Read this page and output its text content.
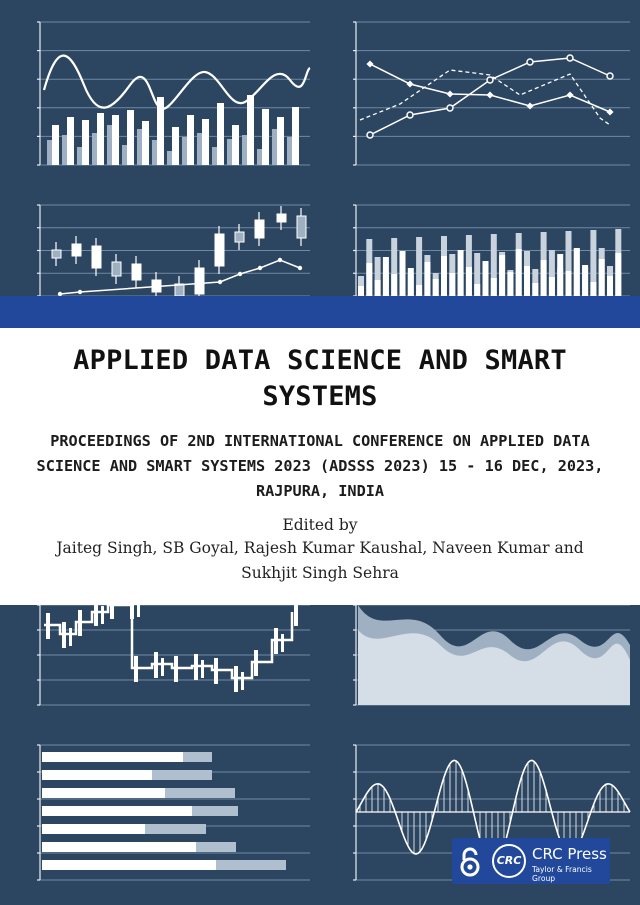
APPLIED DATA SCIENCE AND SMART SYSTEMS
PROCEEDINGS OF 2ND INTERNATIONAL CONFERENCE ON APPLIED DATA SCIENCE AND SMART SYSTEMS 2023 (ADSSS 2023) 15 - 16 DEC, 2023, RAJPURA, INDIA
Edited by
Jaiteg Singh, SB Goyal, Rajesh Kumar Kaushal, Naveen Kumar and Sukhjit Singh Sehra
CRC CRC Press
Taylor & Francis Group
